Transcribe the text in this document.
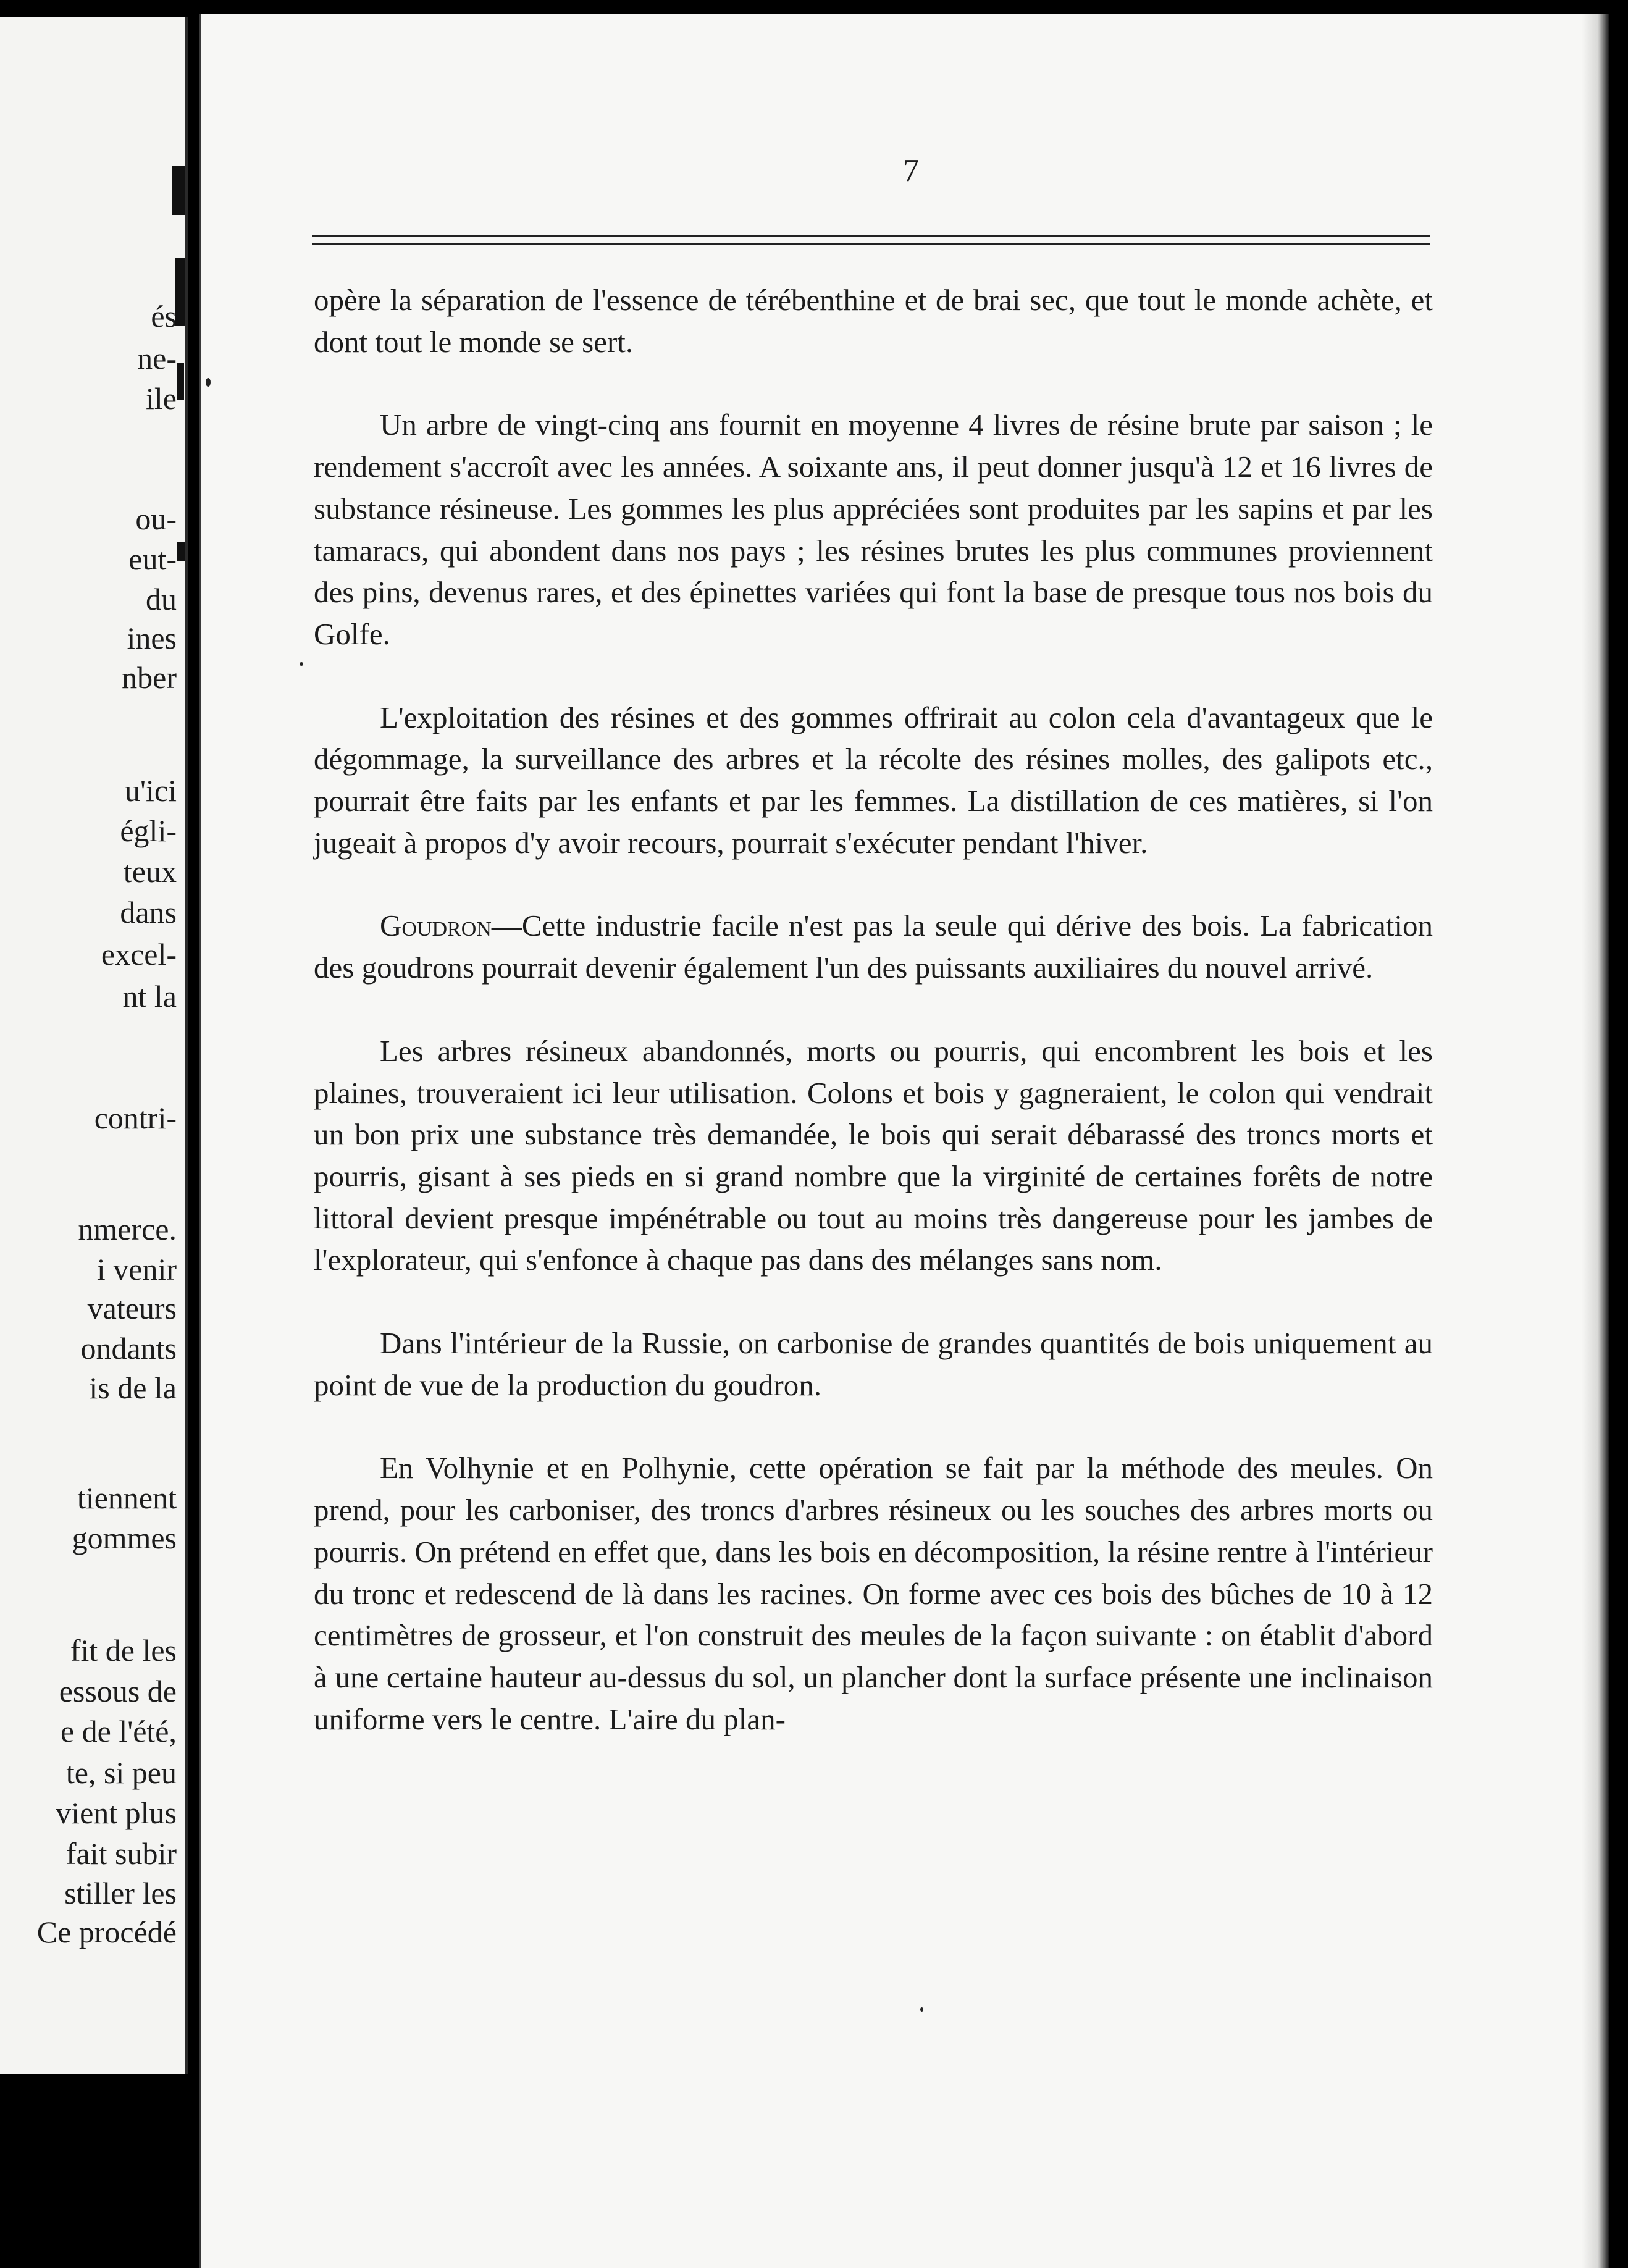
és
ne-
ile
ou-
eut-
du
ines
nber
u'ici
égli-
teux
dans
excel-
nt la
contri-
nmerce.
i venir
vateurs
ondants
is de la
tiennent
gommes
fit de les
essous de
e de l'été,
te, si peu
vient plus
fait subir
stiller les
Ce procédé
7

opère la séparation de l'essence de térébenthine et de brai sec, que tout le monde achète, et dont tout le monde se sert.

Un arbre de vingt-cinq ans fournit en moyenne 4 livres de résine brute par saison ; le rendement s'accroît avec les années. A soixante ans, il peut donner jusqu'à 12 et 16 livres de substance résineuse. Les gommes les plus appréciées sont produites par les sapins et par les tamaracs, qui abondent dans nos pays ; les résines brutes les plus communes proviennent des pins, devenus rares, et des épinettes variées qui font la base de presque tous nos bois du Golfe.

L'exploitation des résines et des gommes offrirait au colon cela d'avantageux que le dégommage, la surveillance des arbres et la récolte des résines molles, des galipots etc., pourrait être faits par les enfants et par les femmes. La distillation de ces matières, si l'on jugeait à propos d'y avoir recours, pourrait s'exécuter pendant l'hiver.

Goudron—Cette industrie facile n'est pas la seule qui dérive des bois. La fabrication des goudrons pourrait devenir également l'un des puissants auxiliaires du nouvel arrivé.

Les arbres résineux abandonnés, morts ou pourris, qui encombrent les bois et les plaines, trouveraient ici leur utilisation. Colons et bois y gagneraient, le colon qui vendrait un bon prix une substance très demandée, le bois qui serait débarassé des troncs morts et pourris, gisant à ses pieds en si grand nombre que la virginité de certaines forêts de notre littoral devient presque impénétrable ou tout au moins très dangereuse pour les jambes de l'explorateur, qui s'enfonce à chaque pas dans des mélanges sans nom.

Dans l'intérieur de la Russie, on carbonise de grandes quantités de bois uniquement au point de vue de la production du goudron.

En Volhynie et en Polhynie, cette opération se fait par la méthode des meules. On prend, pour les carboniser, des troncs d'arbres résineux ou les souches des arbres morts ou pourris. On prétend en effet que, dans les bois en décomposition, la résine rentre à l'intérieur du tronc et redescend de là dans les racines. On forme avec ces bois des bûches de 10 à 12 centimètres de grosseur, et l'on construit des meules de la façon suivante : on établit d'abord à une certaine hauteur au-dessus du sol, un plancher dont la surface présente une inclinaison uniforme vers le centre. L'aire du plan-
